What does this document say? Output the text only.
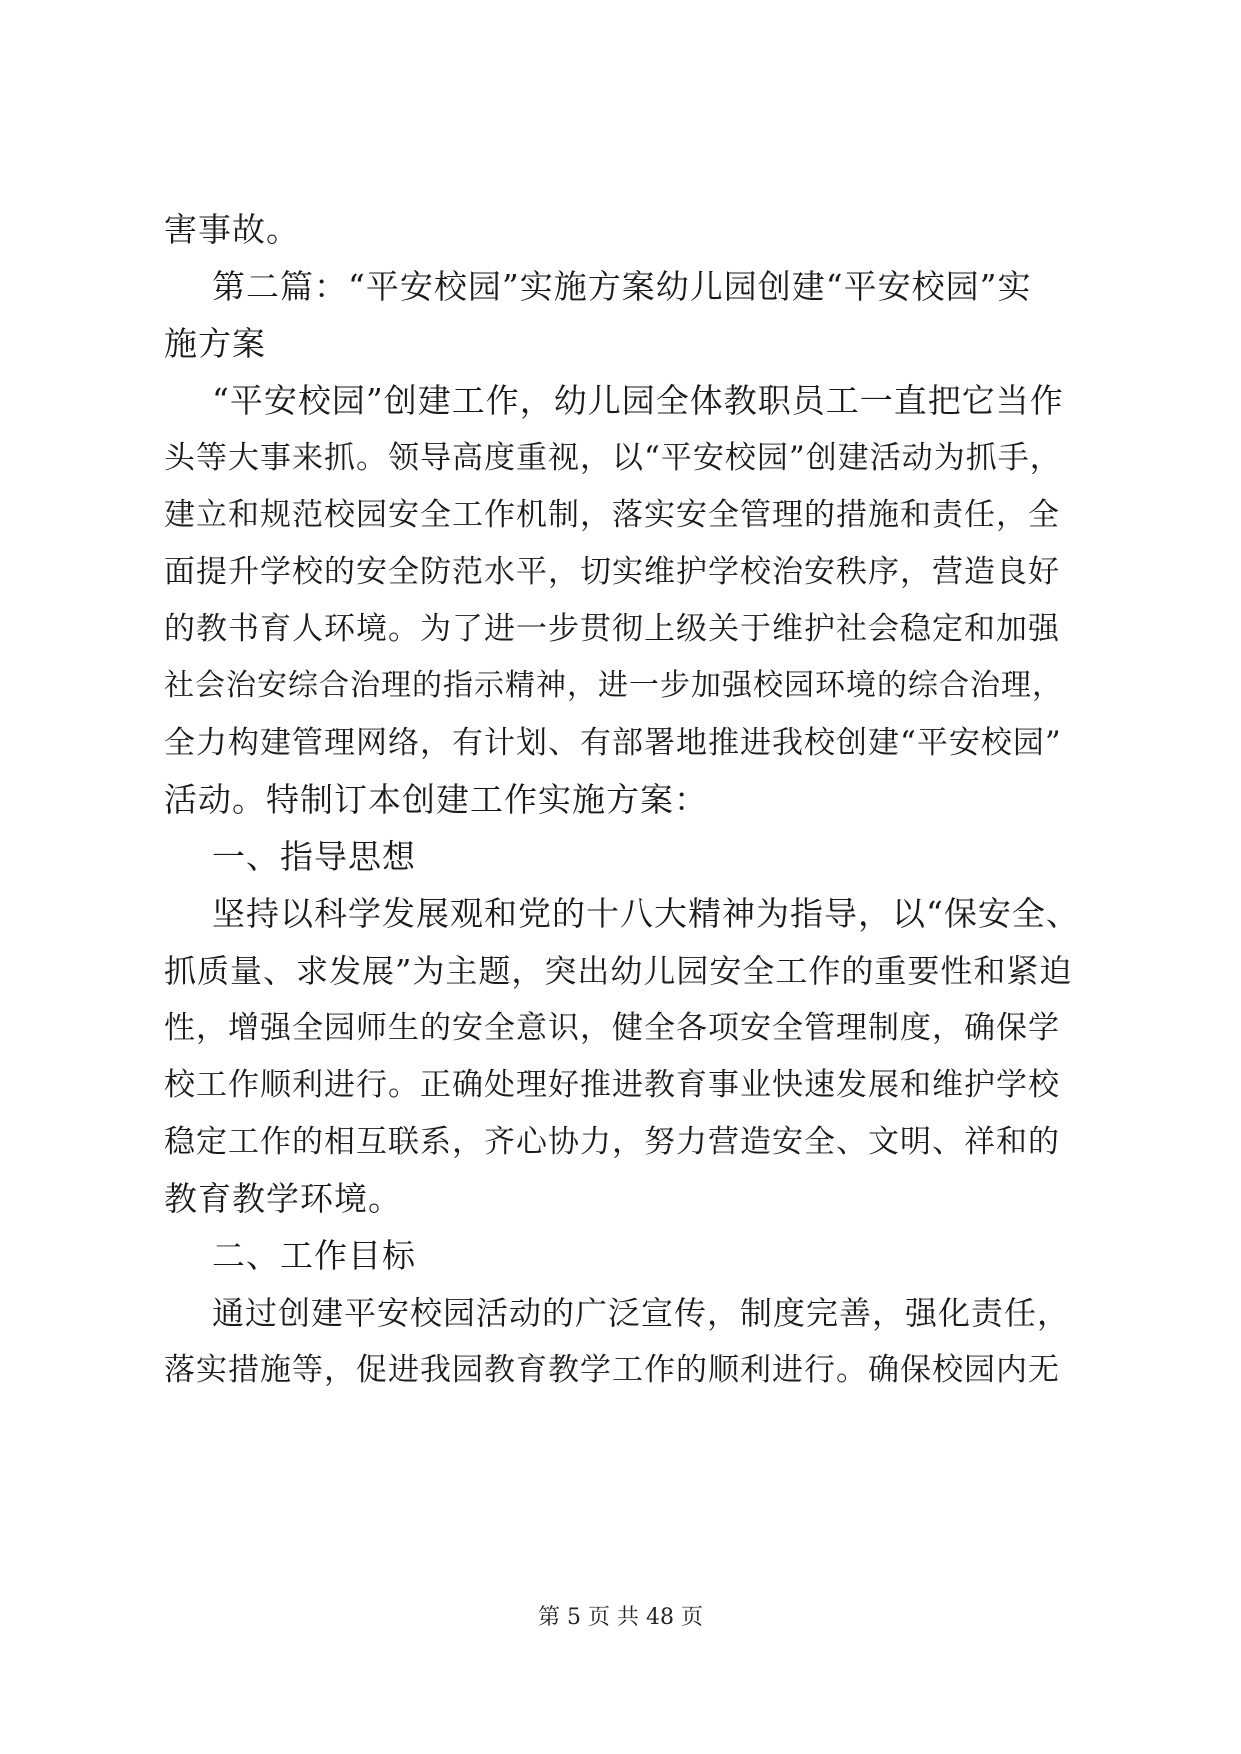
害事故。
第二篇：“平安校园”实施方案幼儿园创建“平安校园”实
施方案
“平安校园”创建工作，幼儿园全体教职员工一直把它当作
头等大事来抓。领导高度重视，以“平安校园”创建活动为抓手，
建立和规范校园安全工作机制，落实安全管理的措施和责任，全
面提升学校的安全防范水平，切实维护学校治安秩序，营造良好
的教书育人环境。为了进一步贯彻上级关于维护社会稳定和加强
社会治安综合治理的指示精神，进一步加强校园环境的综合治理，
全力构建管理网络，有计划、有部署地推进我校创建“平安校园”
活动。特制订本创建工作实施方案：
一、指导思想
坚持以科学发展观和党的十八大精神为指导，以“保安全、
抓质量、求发展”为主题，突出幼儿园安全工作的重要性和紧迫
性，增强全园师生的安全意识，健全各项安全管理制度，确保学
校工作顺利进行。正确处理好推进教育事业快速发展和维护学校
稳定工作的相互联系，齐心协力，努力营造安全、文明、祥和的
教育教学环境。
二、工作目标
通过创建平安校园活动的广泛宣传，制度完善，强化责任，
落实措施等，促进我园教育教学工作的顺利进行。确保校园内无
第 5 页 共 48 页
